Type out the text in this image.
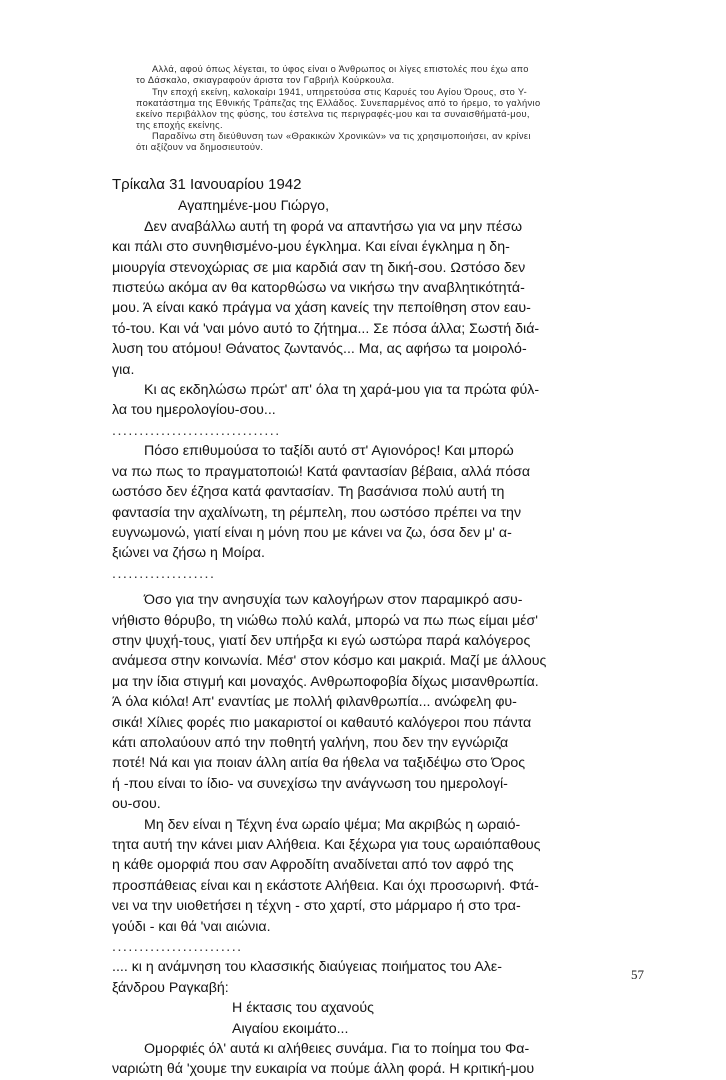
Αλλά, αφού όπως λέγεται, το ύφος είναι ο Άνθρωπος οι λίγες επιστολές που έχω απο
το Δάσκαλο, σκιαγραφούν άριστα τον Γαβριήλ Κούρκουλα.

Την εποχή εκείνη, καλοκαίρι 1941, υπηρετούσα στις Καρυές του Αγίου Όρους, στο Υ-
ποκατάστημα της Εθνικής Τράπεζας της Ελλάδος. Συνεπαρμένος από το ήρεμο, το γαλήνιο
εκείνο περιβάλλον της φύσης, του έστελνα τις περιγραφές-μου και τα συναισθήματά-μου,
της εποχής εκείνης.

Παραδίνω στη διεύθυνση των «Θρακικών Χρονικών» να τις χρησιμοποιήσει, αν κρίνει
ότι αξίζουν να δημοσιευτούν.

Τρίκαλα 31 Ιανουαρίου 1942
Αγαπημένε-μου Γιώργο,
Δεν αναβάλλω αυτή τη φορά να απαντήσω για να μην πέσω
και πάλι στο συνηθισμένο-μου έγκλημα. Και είναι έγκλημα η δη-
μιουργία στενοχώριας σε μια καρδιά σαν τη δική-σου. Ωστόσο δεν
πιστεύω ακόμα αν θα κατορθώσω να νικήσω την αναβλητικότητά-
μου. Ά είναι κακό πράγμα να χάση κανείς την πεποίθηση στον εαυ-
τό-του. Και νά 'ναι μόνο αυτό το ζήτημα... Σε πόσα άλλα; Σωστή διά-
λυση του ατόμου! Θάνατος ζωντανός... Μα, ας αφήσω τα μοιρολό-
για.
Κι ας εκδηλώσω πρώτ' απ' όλα τη χαρά-μου για τα πρώτα φύλ-
λα του ημερολογίου-σου...
...............................
Πόσο επιθυμούσα το ταξίδι αυτό στ' Αγιονόρος! Και μπορώ
να πω πως το πραγματοποιώ! Κατά φαντασίαν βέβαια, αλλά πόσα
ωστόσο δεν έζησα κατά φαντασίαν. Τη βασάνισα πολύ αυτή τη
φαντασία την αχαλίνωτη, τη ρέμπελη, που ωστόσο πρέπει να την
ευγνωμονώ, γιατί είναι η μόνη που με κάνει να ζω, όσα δεν μ' α-
ξιώνει να ζήσω η Μοίρα.
...................
Όσο για την ανησυχία των καλογήρων στον παραμικρό ασυ-
νήθιστο θόρυβο, τη νιώθω πολύ καλά, μπορώ να πω πως είμαι μέσ'
στην ψυχή-τους, γιατί δεν υπήρξα κι εγώ ωστώρα παρά καλόγερος
ανάμεσα στην κοινωνία. Μέσ' στον κόσμο και μακριά. Μαζί με άλλους
μα την ίδια στιγμή και μοναχός. Ανθρωποφοβία δίχως μισανθρωπία.
Ά όλα κιόλα! Απ' εναντίας με πολλή φιλανθρωπία... ανώφελη φυ-
σικά! Χίλιες φορές πιο μακαριστοί οι καθαυτό καλόγεροι που πάντα
κάτι απολαύουν από την ποθητή γαλήνη, που δεν την εγνώριζα
ποτέ! Νά και για ποιαν άλλη αιτία θα ήθελα να ταξιδέψω στο Όρος
ή -που είναι το ίδιο- να συνεχίσω την ανάγνωση του ημερολογί-
ου-σου.
Μη δεν είναι η Τέχνη ένα ωραίο ψέμα; Μα ακριβώς η ωραιό-
τητα αυτή την κάνει μιαν Αλήθεια. Και ξέχωρα για τους ωραιόπαθους
η κάθε ομορφιά που σαν Αφροδίτη αναδίνεται από τον αφρό της
προσπάθειας είναι και η εκάστοτε Αλήθεια. Και όχι προσωρινή. Φτά-
νει να την υιοθετήσει η τέχνη - στο χαρτί, στο μάρμαρο ή στο τρα-
γούδι - και θά 'ναι αιώνια.
........................
.... κι η ανάμνηση του κλασσικής διαύγειας ποιήματος του Αλε-
ξάνδρου Ραγκαβή:
Η έκτασις του αχανούς
Αιγαίου εκοιμάτο...
Ομορφιές όλ' αυτά κι αλήθειες συνάμα. Για το ποίημα του Φα-
ναριώτη θά 'χουμε την ευκαιρία να πούμε άλλη φορά. Η κριτική-μου
57
